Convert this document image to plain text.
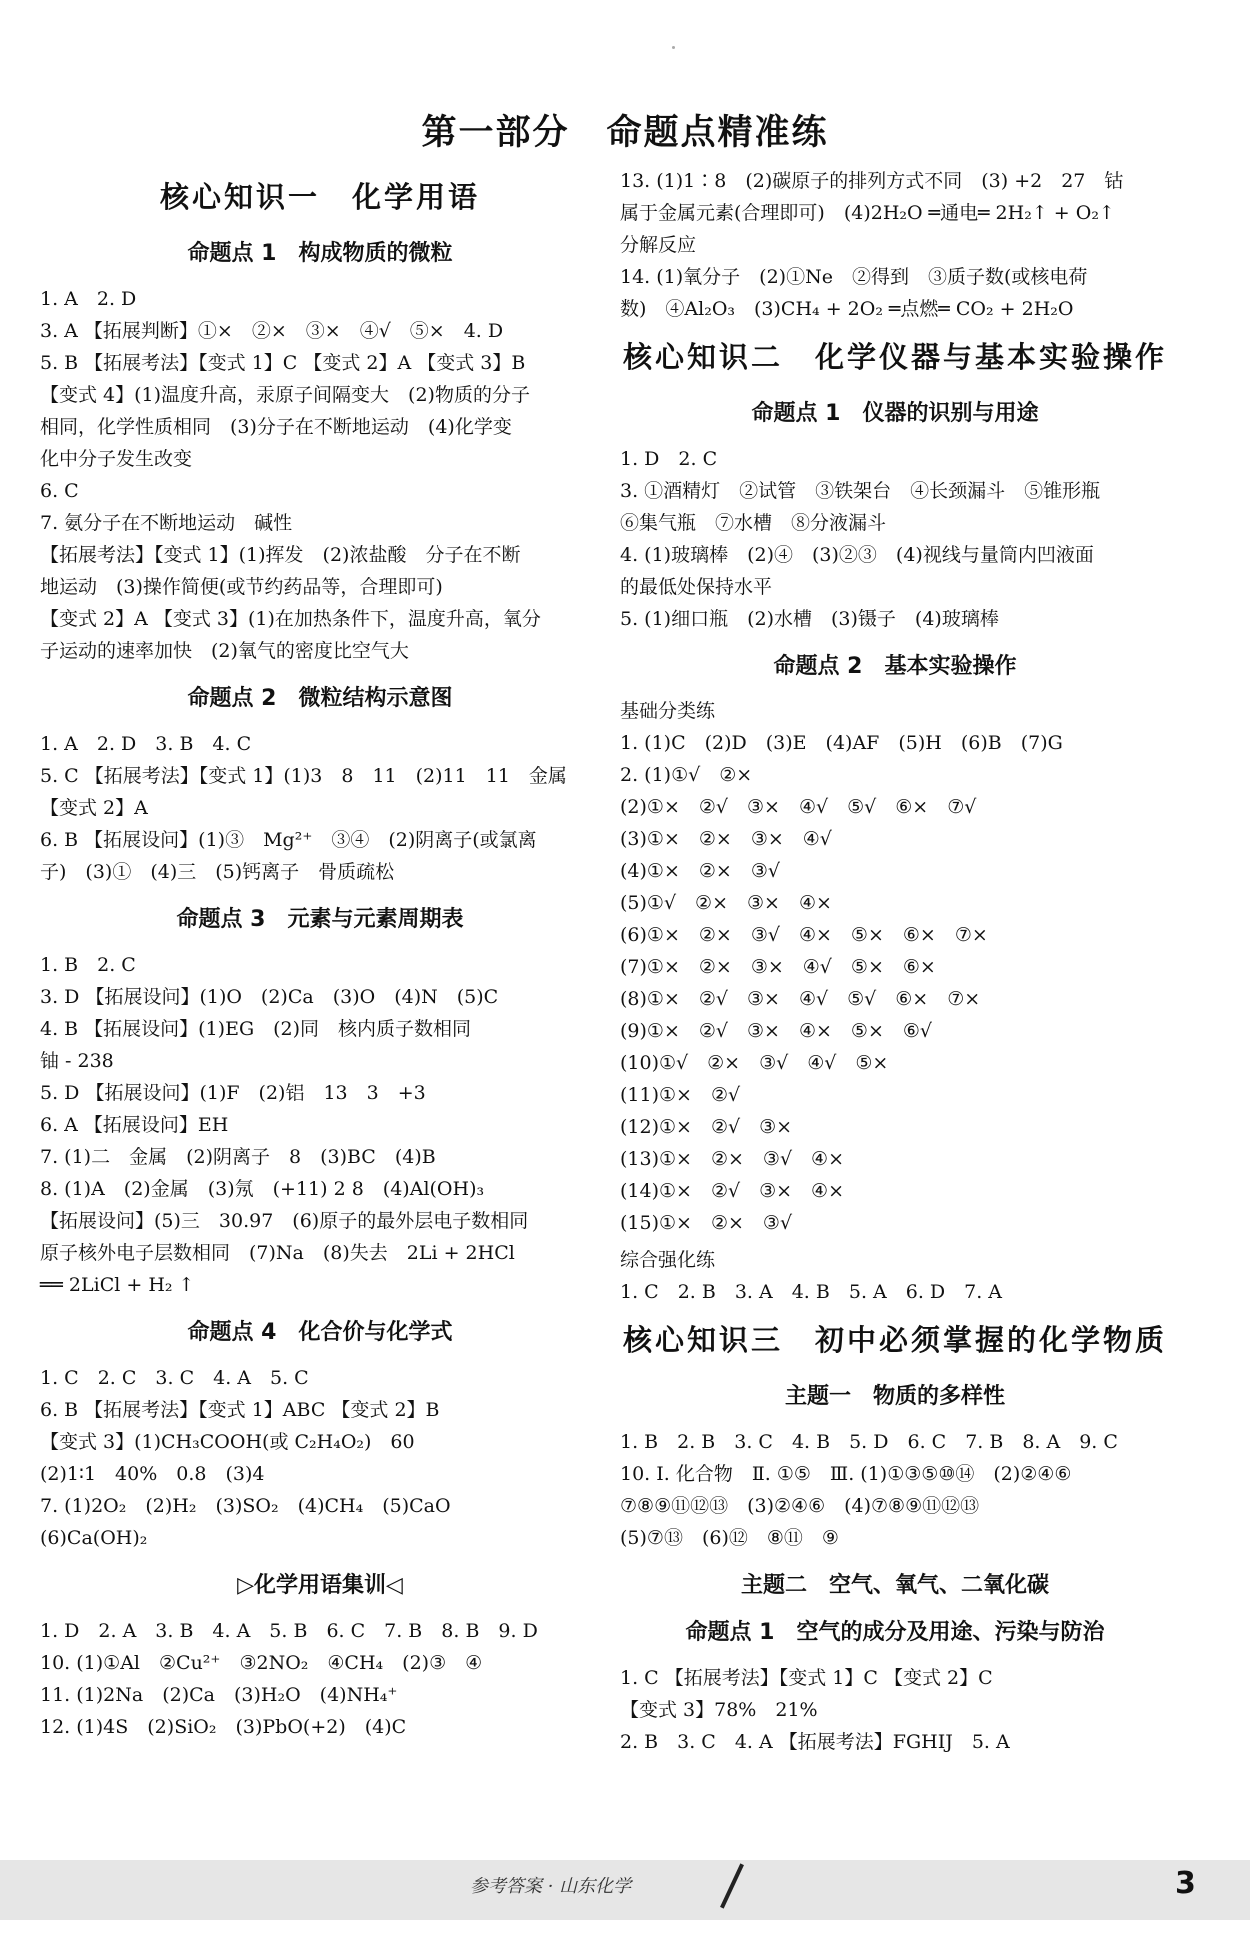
第一部分　命题点精准练
核心知识一　化学用语
命题点 1　构成物质的微粒
1. A　2. D
3. A 【拓展判断】①×　②×　③×　④√　⑤×　4. D
5. B 【拓展考法】【变式 1】C 【变式 2】A 【变式 3】B
【变式 4】(1)温度升高，汞原子间隔变大　(2)物质的分子
相同，化学性质相同　(3)分子在不断地运动　(4)化学变
化中分子发生改变
6. C
7. 氨分子在不断地运动　碱性
【拓展考法】【变式 1】(1)挥发　(2)浓盐酸　分子在不断
地运动　(3)操作简便(或节约药品等，合理即可)
【变式 2】A 【变式 3】(1)在加热条件下，温度升高，氧分
子运动的速率加快　(2)氧气的密度比空气大
命题点 2　微粒结构示意图
1. A　2. D　3. B　4. C
5. C 【拓展考法】【变式 1】(1)3　8　11　(2)11　11　金属
【变式 2】A
6. B 【拓展设问】(1)③　Mg²⁺　③④　(2)阴离子(或氯离
子)　(3)①　(4)三　(5)钙离子　骨质疏松
命题点 3　元素与元素周期表
1. B　2. C
3. D 【拓展设问】(1)O　(2)Ca　(3)O　(4)N　(5)C
4. B 【拓展设问】(1)EG　(2)同　核内质子数相同
铀 - 238
5. D 【拓展设问】(1)F　(2)铝　13　3　+3
6. A 【拓展设问】EH
7. (1)二　金属　(2)阴离子　8　(3)BC　(4)B
8. (1)A　(2)金属　(3)氖　(+11) 2 8　(4)Al(OH)₃
【拓展设问】(5)三　30.97　(6)原子的最外层电子数相同
原子核外电子层数相同　(7)Na　(8)失去　2Li + 2HCl
══ 2LiCl + H₂ ↑
命题点 4　化合价与化学式
1. C　2. C　3. C　4. A　5. C
6. B 【拓展考法】【变式 1】ABC 【变式 2】B
【变式 3】(1)CH₃COOH(或 C₂H₄O₂)　60
(2)1∶1　40%　0.8　(3)4
7. (1)2O₂　(2)H₂　(3)SO₂　(4)CH₄　(5)CaO
(6)Ca(OH)₂
▷化学用语集训◁
1. D　2. A　3. B　4. A　5. B　6. C　7. B　8. B　9. D
10. (1)①Al　②Cu²⁺　③2NO₂　④CH₄　(2)③　④
11. (1)2Na　(2)Ca　(3)H₂O　(4)NH₄⁺
12. (1)4S　(2)SiO₂　(3)PbO(+2)　(4)C
13. (1)1∶8　(2)碳原子的排列方式不同　(3) +2　27　钴
属于金属元素(合理即可)　(4)2H₂O ═通电═ 2H₂↑ + O₂↑
分解反应
14. (1)氧分子　(2)①Ne　②得到　③质子数(或核电荷
数)　④Al₂O₃　(3)CH₄ + 2O₂ ═点燃═ CO₂ + 2H₂O
核心知识二　化学仪器与基本实验操作
命题点 1　仪器的识别与用途
1. D　2. C
3. ①酒精灯　②试管　③铁架台　④长颈漏斗　⑤锥形瓶
⑥集气瓶　⑦水槽　⑧分液漏斗
4. (1)玻璃棒　(2)④　(3)②③　(4)视线与量筒内凹液面
的最低处保持水平
5. (1)细口瓶　(2)水槽　(3)镊子　(4)玻璃棒
命题点 2　基本实验操作
基础分类练
1. (1)C　(2)D　(3)E　(4)AF　(5)H　(6)B　(7)G
2. (1)①√　②×
(2)①×　②√　③×　④√　⑤√　⑥×　⑦√
(3)①×　②×　③×　④√
(4)①×　②×　③√
(5)①√　②×　③×　④×
(6)①×　②×　③√　④×　⑤×　⑥×　⑦×
(7)①×　②×　③×　④√　⑤×　⑥×
(8)①×　②√　③×　④√　⑤√　⑥×　⑦×
(9)①×　②√　③×　④×　⑤×　⑥√
(10)①√　②×　③√　④√　⑤×
(11)①×　②√
(12)①×　②√　③×
(13)①×　②×　③√　④×
(14)①×　②√　③×　④×
(15)①×　②×　③√
综合强化练
1. C　2. B　3. A　4. B　5. A　6. D　7. A
核心知识三　初中必须掌握的化学物质
主题一　物质的多样性
1. B　2. B　3. C　4. B　5. D　6. C　7. B　8. A　9. C
10. Ⅰ. 化合物　Ⅱ. ①⑤　Ⅲ. (1)①③⑤⑩⑭　(2)②④⑥
⑦⑧⑨⑪⑫⑬　(3)②④⑥　(4)⑦⑧⑨⑪⑫⑬
(5)⑦⑬　(6)⑫　⑧⑪　⑨
主题二　空气、氧气、二氧化碳
命题点 1　空气的成分及用途、污染与防治
1. C 【拓展考法】【变式 1】C 【变式 2】C
【变式 3】78%　21%
2. B　3. C　4. A 【拓展考法】FGHIJ　5. A
参考答案 · 山东化学	3
